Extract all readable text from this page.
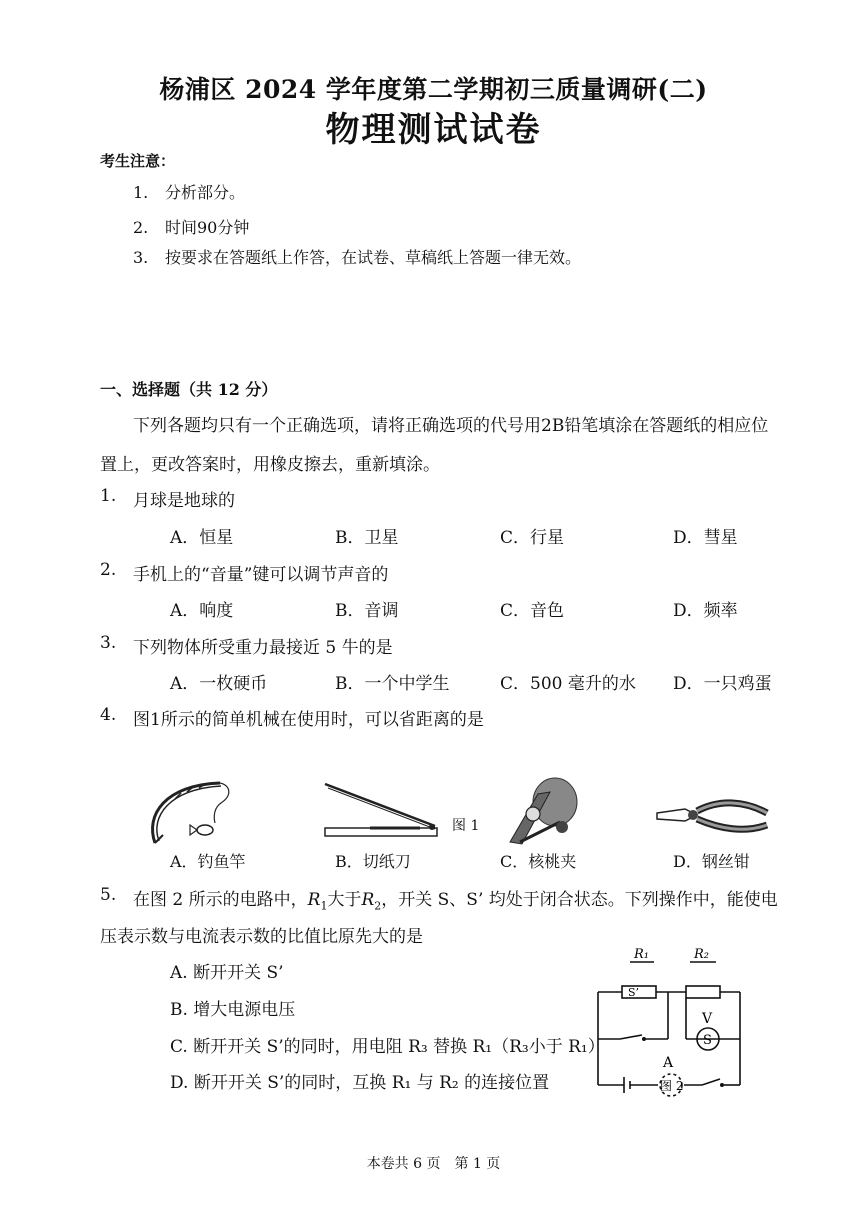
杨浦区 2024 学年度第二学期初三质量调研(二)
物理测试试卷
考生注意：
1. 分析部分。
2. 时间90分钟
3. 按要求在答题纸上作答，在试卷、草稿纸上答题一律无效。
一、选择题（共 12 分）
下列各题均只有一个正确选项，请将正确选项的代号用2B铅笔填涂在答题纸的相应位
置上，更改答案时，用橡皮擦去，重新填涂。
1. 月球是地球的
A．恒星	B．卫星	C．行星	D．彗星
2. 手机上的“音量”键可以调节声音的
A．响度	B．音调	C．音色	D．频率
3. 下列物体所受重力最接近 5 牛的是
A．一枚硬币	B．一个中学生	C．500 毫升的水 D．一只鸡蛋
4. 图1所示的简单机械在使用时，可以省距离的是
图 1
A．钓鱼竿	B．切纸刀	C．核桃夹	D．钢丝钳
5. 在图 2 所示的电路中，$R_1$大于$R_2$，开关 S、S’ 均处于闭合状态。下列操作中，能使电
压表示数与电流表示数的比值比原先大的是
A. 断开开关 S’
B. 增大电源电压
C. 断开开关 S’的同时，用电阻 R₃ 替换 R₁（R₃小于 R₁）
D. 断开开关 S’的同时，互换 R₁ 与 R₂ 的连接位置
R₁	R₂
S’
V
S
A
图 2
本卷共 6 页　第 1 页
